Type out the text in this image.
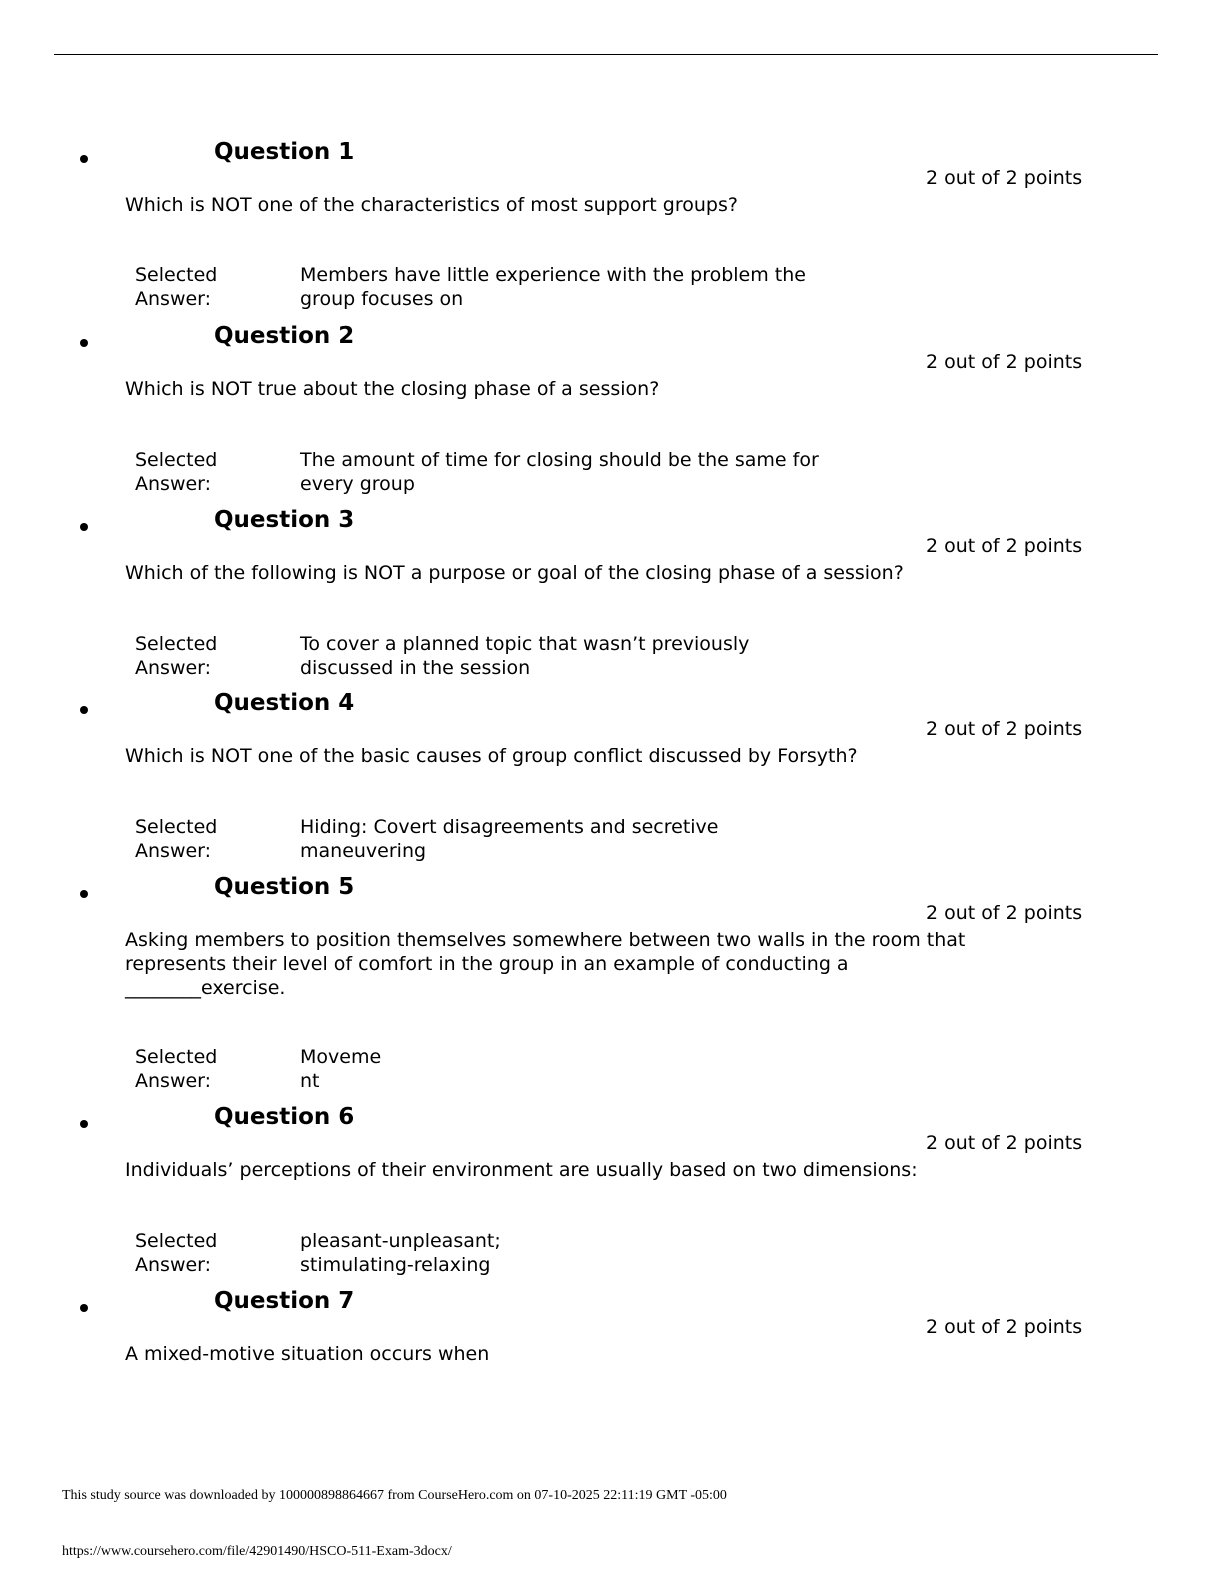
Question 1
2 out of 2 points
Which is NOT one of the characteristics of most support groups?
Selected Answer:
Members have little experience with the problem the group focuses on
Question 2
2 out of 2 points
Which is NOT true about the closing phase of a session?
Selected Answer:
The amount of time for closing should be the same for every group
Question 3
2 out of 2 points
Which of the following is NOT a purpose or goal of the closing phase of a session?
Selected Answer:
To cover a planned topic that wasn’t previously discussed in the session
Question 4
2 out of 2 points
Which is NOT one of the basic causes of group conflict discussed by Forsyth?
Selected Answer:
Hiding: Covert disagreements and secretive maneuvering
Question 5
2 out of 2 points
Asking members to position themselves somewhere between two walls in the room that represents their level of comfort in the group in an example of conducting a ________exercise.
Selected Answer:
Movement
Question 6
2 out of 2 points
Individuals’ perceptions of their environment are usually based on two dimensions:
Selected Answer:
pleasant-unpleasant; stimulating-relaxing
Question 7
2 out of 2 points
A mixed-motive situation occurs when
This study source was downloaded by 100000898864667 from CourseHero.com on 07-10-2025 22:11:19 GMT -05:00
https://www.coursehero.com/file/42901490/HSCO-511-Exam-3docx/
